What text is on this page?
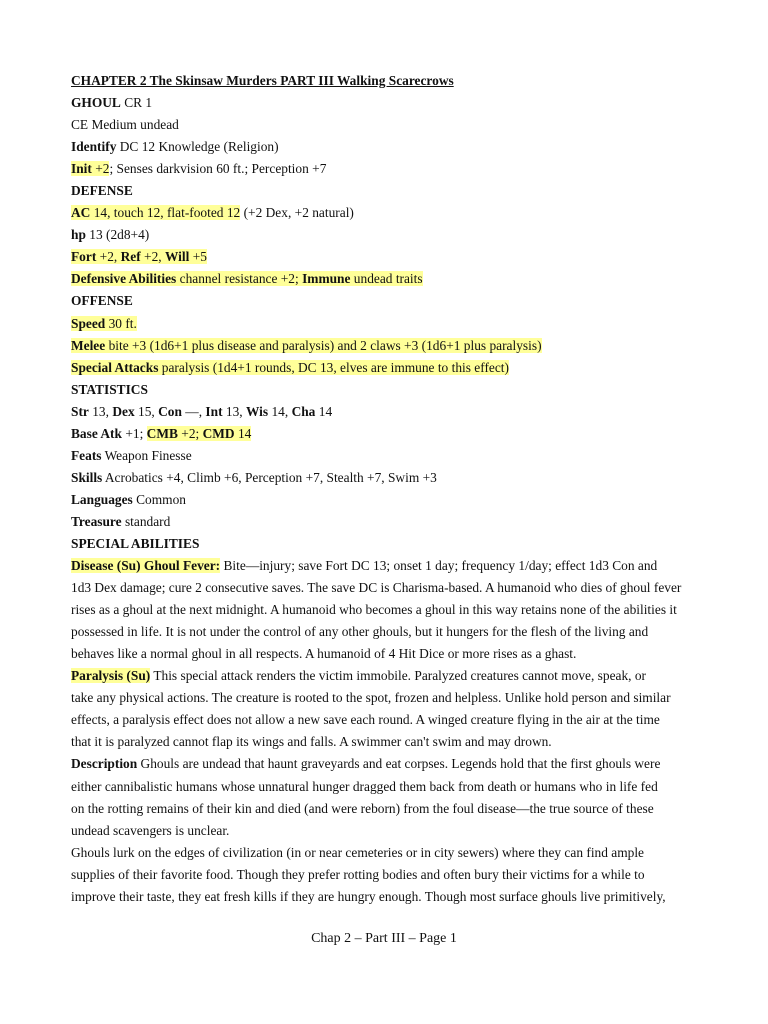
CHAPTER 2 The Skinsaw Murders PART III Walking Scarecrows
GHOUL CR 1
CE Medium undead
Identify DC 12 Knowledge (Religion)
Init +2; Senses darkvision 60 ft.; Perception +7
DEFENSE
AC 14, touch 12, flat-footed 12 (+2 Dex, +2 natural)
hp 13 (2d8+4)
Fort +2, Ref +2, Will +5
Defensive Abilities channel resistance +2; Immune undead traits
OFFENSE
Speed 30 ft.
Melee bite +3 (1d6+1 plus disease and paralysis) and 2 claws +3 (1d6+1 plus paralysis)
Special Attacks paralysis (1d4+1 rounds, DC 13, elves are immune to this effect)
STATISTICS
Str 13, Dex 15, Con —, Int 13, Wis 14, Cha 14
Base Atk +1; CMB +2; CMD 14
Feats Weapon Finesse
Skills Acrobatics +4, Climb +6, Perception +7, Stealth +7, Swim +3
Languages Common
Treasure standard
SPECIAL ABILITIES
Disease (Su) Ghoul Fever: Bite—injury; save Fort DC 13; onset 1 day; frequency 1/day; effect 1d3 Con and
1d3 Dex damage; cure 2 consecutive saves. The save DC is Charisma-based. A humanoid who dies of ghoul fever
rises as a ghoul at the next midnight. A humanoid who becomes a ghoul in this way retains none of the abilities it
possessed in life. It is not under the control of any other ghouls, but it hungers for the flesh of the living and
behaves like a normal ghoul in all respects. A humanoid of 4 Hit Dice or more rises as a ghast.
Paralysis (Su) This special attack renders the victim immobile. Paralyzed creatures cannot move, speak, or
take any physical actions. The creature is rooted to the spot, frozen and helpless. Unlike hold person and similar
effects, a paralysis effect does not allow a new save each round. A winged creature flying in the air at the time
that it is paralyzed cannot flap its wings and falls. A swimmer can't swim and may drown.
Description Ghouls are undead that haunt graveyards and eat corpses. Legends hold that the first ghouls were
either cannibalistic humans whose unnatural hunger dragged them back from death or humans who in life fed
on the rotting remains of their kin and died (and were reborn) from the foul disease—the true source of these
undead scavengers is unclear.
Ghouls lurk on the edges of civilization (in or near cemeteries or in city sewers) where they can find ample
supplies of their favorite food. Though they prefer rotting bodies and often bury their victims for a while to
improve their taste, they eat fresh kills if they are hungry enough. Though most surface ghouls live primitively,
Chap 2 – Part III – Page 1
